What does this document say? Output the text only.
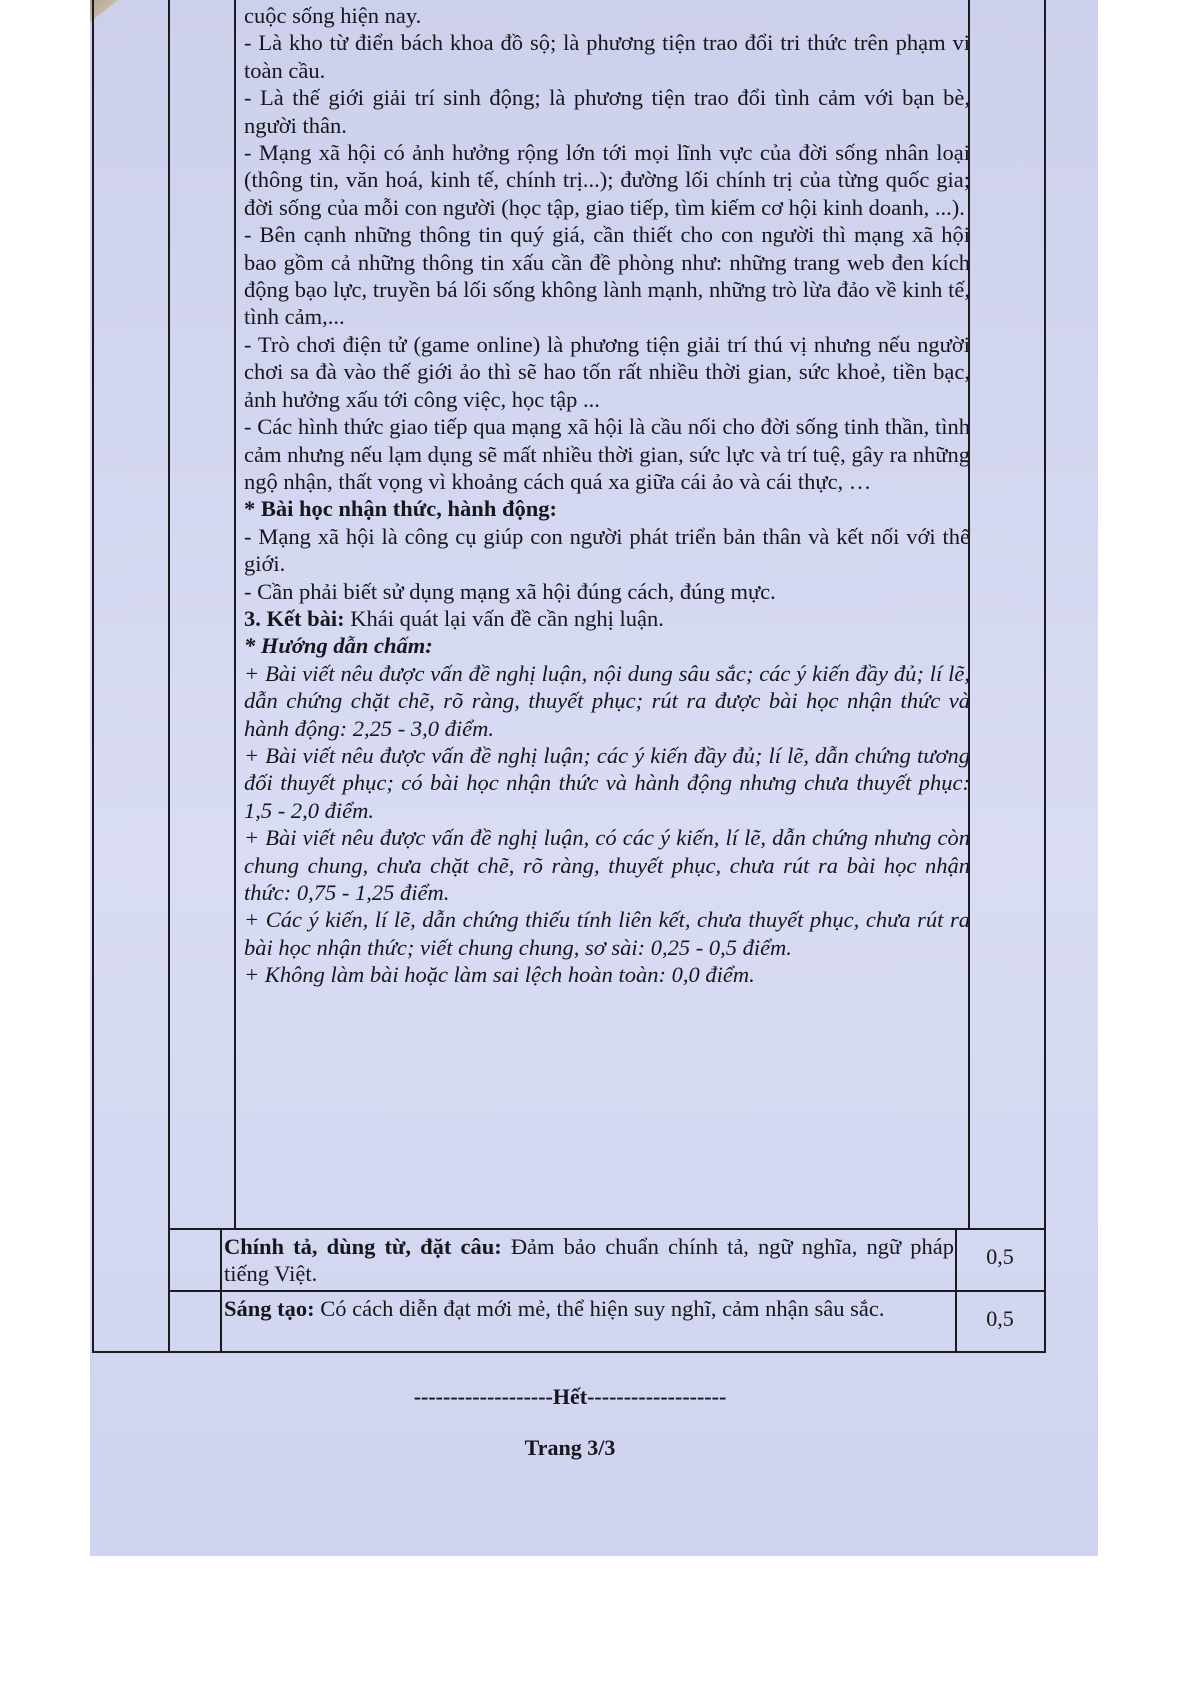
cuộc sống hiện nay.

- Là kho từ điển bách khoa đồ sộ; là phương tiện trao đổi tri thức trên phạm vi toàn cầu.

- Là thế giới giải trí sinh động; là phương tiện trao đổi tình cảm với bạn bè, người thân.

- Mạng xã hội có ảnh hưởng rộng lớn tới mọi lĩnh vực của đời sống nhân loại (thông tin, văn hoá, kinh tế, chính trị...); đường lối chính trị của từng quốc gia; đời sống của mỗi con người (học tập, giao tiếp, tìm kiếm cơ hội kinh doanh, ...).

- Bên cạnh những thông tin quý giá, cần thiết cho con người thì mạng xã hội bao gồm cả những thông tin xấu cần đề phòng như: những trang web đen kích động bạo lực, truyền bá lối sống không lành mạnh, những trò lừa đảo về kinh tế, tình cảm,...

- Trò chơi điện tử (game online) là phương tiện giải trí thú vị nhưng nếu người chơi sa đà vào thế giới ảo thì sẽ hao tốn rất nhiều thời gian, sức khoẻ, tiền bạc, ảnh hưởng xấu tới công việc, học tập ...

- Các hình thức giao tiếp qua mạng xã hội là cầu nối cho đời sống tinh thần, tình cảm nhưng nếu lạm dụng sẽ mất nhiều thời gian, sức lực và trí tuệ, gây ra những ngộ nhận, thất vọng vì khoảng cách quá xa giữa cái ảo và cái thực, …

* Bài học nhận thức, hành động:

- Mạng xã hội là công cụ giúp con người phát triển bản thân và kết nối với thế giới.

- Cần phải biết sử dụng mạng xã hội đúng cách, đúng mực.

3. Kết bài: Khái quát lại vấn đề cần nghị luận.

* Hướng dẫn chấm:

+ Bài viết nêu được vấn đề nghị luận, nội dung sâu sắc; các ý kiến đầy đủ; lí lẽ, dẫn chứng chặt chẽ, rõ ràng, thuyết phục; rút ra được bài học nhận thức và hành động: 2,25 - 3,0 điểm.

+ Bài viết nêu được vấn đề nghị luận; các ý kiến đầy đủ; lí lẽ, dẫn chứng tương đối thuyết phục; có bài học nhận thức và hành động nhưng chưa thuyết phục: 1,5 - 2,0 điểm.

+ Bài viết nêu được vấn đề nghị luận, có các ý kiến, lí lẽ, dẫn chứng nhưng còn chung chung, chưa chặt chẽ, rõ ràng, thuyết phục, chưa rút ra bài học nhận thức: 0,75 - 1,25 điểm.

+ Các ý kiến, lí lẽ, dẫn chứng thiếu tính liên kết, chưa thuyết phục, chưa rút ra bài học nhận thức; viết chung chung, sơ sài: 0,25 - 0,5 điểm.

+ Không làm bài hoặc làm sai lệch hoàn toàn: 0,0 điểm.

Chính tả, dùng từ, đặt câu: Đảm bảo chuẩn chính tả, ngữ nghĩa, ngữ pháp tiếng Việt.

0,5

Sáng tạo: Có cách diễn đạt mới mẻ, thể hiện suy nghĩ, cảm nhận sâu sắc.	0,5
-------------------Hết-------------------
Trang 3/3
